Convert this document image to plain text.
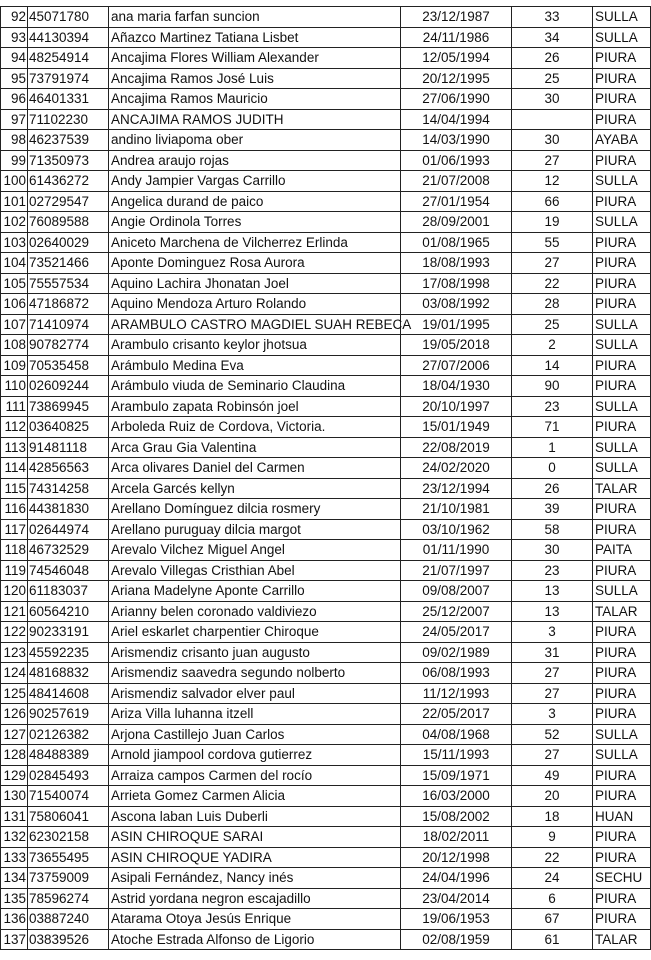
92	45071780	ana maria farfan suncion	23/12/1987	33	SULLA
93	44130394	Añazco Martinez Tatiana Lisbet	24/11/1986	34	SULLA
94	48254914	Ancajima Flores William Alexander	12/05/1994	26	PIURA
95	73791974	Ancajima Ramos José Luis	20/12/1995	25	PIURA
96	46401331	Ancajima Ramos Mauricio	27/06/1990	30	PIURA
97	71102230	ANCAJIMA RAMOS JUDITH	14/04/1994		PIURA
98	46237539	andino liviapoma ober	14/03/1990	30	AYABA
99	71350973	Andrea araujo rojas	01/06/1993	27	PIURA
100	61436272	Andy Jampier Vargas Carrillo	21/07/2008	12	SULLA
101	02729547	Angelica durand de paico	27/01/1954	66	PIURA
102	76089588	Angie Ordinola Torres	28/09/2001	19	SULLA
103	02640029	Aniceto Marchena de Vilcherrez Erlinda	01/08/1965	55	PIURA
104	73521466	Aponte Dominguez Rosa Aurora	18/08/1993	27	PIURA
105	75557534	Aquino Lachira Jhonatan Joel	17/08/1998	22	PIURA
106	47186872	Aquino Mendoza Arturo Rolando	03/08/1992	28	PIURA
107	71410974	ARAMBULO CASTRO MAGDIEL SUAH REBECA	19/01/1995	25	SULLA
108	90782774	Arambulo crisanto keylor jhotsua	19/05/2018	2	SULLA
109	70535458	Arámbulo Medina Eva	27/07/2006	14	PIURA
110	02609244	Arámbulo viuda de Seminario Claudina	18/04/1930	90	PIURA
111	73869945	Arambulo zapata Robinsón joel	20/10/1997	23	SULLA
112	03640825	Arboleda Ruiz de Cordova, Victoria.	15/01/1949	71	PIURA
113	91481118	Arca Grau Gia Valentina	22/08/2019	1	SULLA
114	42856563	Arca olivares Daniel del Carmen	24/02/2020	0	SULLA
115	74314258	Arcela Garcés kellyn	23/12/1994	26	TALAR
116	44381830	Arellano Domínguez dilcia rosmery	21/10/1981	39	PIURA
117	02644974	Arellano puruguay dilcia margot	03/10/1962	58	PIURA
118	46732529	Arevalo Vilchez Miguel Angel	01/11/1990	30	PAITA
119	74546048	Arevalo Villegas Cristhian Abel	21/07/1997	23	PIURA
120	61183037	Ariana Madelyne Aponte Carrillo	09/08/2007	13	SULLA
121	60564210	Arianny belen coronado valdiviezo	25/12/2007	13	TALAR
122	90233191	Ariel eskarlet charpentier Chiroque	24/05/2017	3	PIURA
123	45592235	Arismendiz crisanto juan augusto	09/02/1989	31	PIURA
124	48168832	Arismendiz saavedra segundo nolberto	06/08/1993	27	PIURA
125	48414608	Arismendiz salvador elver paul	11/12/1993	27	PIURA
126	90257619	Ariza Villa luhanna itzell	22/05/2017	3	PIURA
127	02126382	Arjona Castillejo Juan Carlos	04/08/1968	52	SULLA
128	48488389	Arnold jiampool cordova gutierrez	15/11/1993	27	SULLA
129	02845493	Arraiza campos Carmen del rocío	15/09/1971	49	PIURA
130	71540074	Arrieta Gomez Carmen Alicia	16/03/2000	20	PIURA
131	75806041	Ascona laban Luis Duberli	15/08/2002	18	HUAN
132	62302158	ASIN CHIROQUE SARAI	18/02/2011	9	PIURA
133	73655495	ASIN CHIROQUE YADIRA	20/12/1998	22	PIURA
134	73759009	Asipali Fernández, Nancy inés	24/04/1996	24	SECHU
135	78596274	Astrid yordana negron escajadillo	23/04/2014	6	PIURA
136	03887240	Atarama Otoya Jesús Enrique	19/06/1953	67	PIURA
137	03839526	Atoche Estrada Alfonso de Ligorio	02/08/1959	61	TALAR
